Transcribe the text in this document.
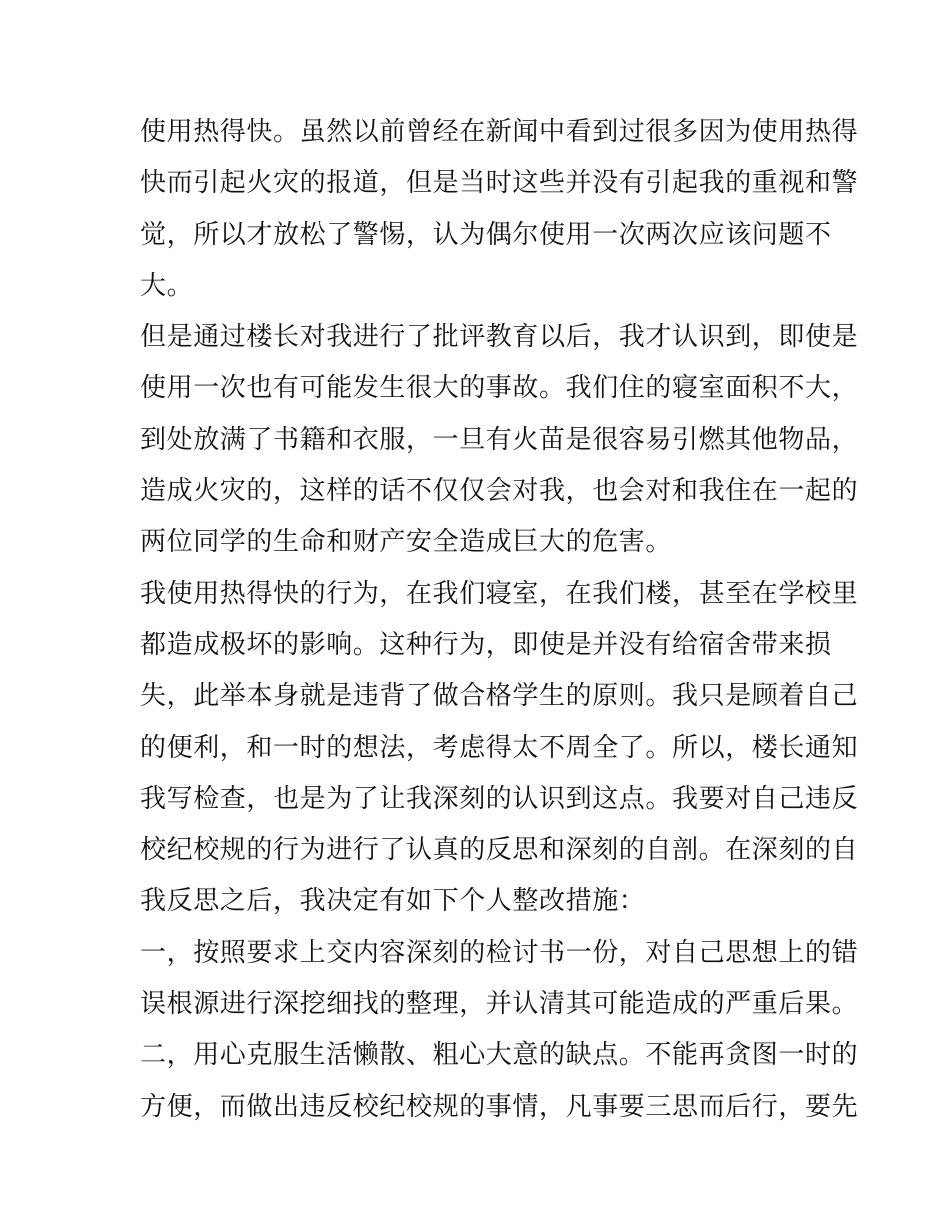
使用热得快。虽然以前曾经在新闻中看到过很多因为使用热得
快而引起火灾的报道，但是当时这些并没有引起我的重视和警
觉，所以才放松了警惕，认为偶尔使用一次两次应该问题不
大。
但是通过楼长对我进行了批评教育以后，我才认识到，即使是
使用一次也有可能发生很大的事故。我们住的寝室面积不大，
到处放满了书籍和衣服，一旦有火苗是很容易引燃其他物品，
造成火灾的，这样的话不仅仅会对我，也会对和我住在一起的
两位同学的生命和财产安全造成巨大的危害。
我使用热得快的行为，在我们寝室，在我们楼，甚至在学校里
都造成极坏的影响。这种行为，即使是并没有给宿舍带来损
失，此举本身就是违背了做合格学生的原则。我只是顾着自己
的便利，和一时的想法，考虑得太不周全了。所以，楼长通知
我写检查，也是为了让我深刻的认识到这点。我要对自己违反
校纪校规的行为进行了认真的反思和深刻的自剖。在深刻的自
我反思之后，我决定有如下个人整改措施：
一，按照要求上交内容深刻的检讨书一份，对自己思想上的错
误根源进行深挖细找的整理，并认清其可能造成的严重后果。
二，用心克服生活懒散、粗心大意的缺点。不能再贪图一时的
方便，而做出违反校纪校规的事情，凡事要三思而后行，要先
